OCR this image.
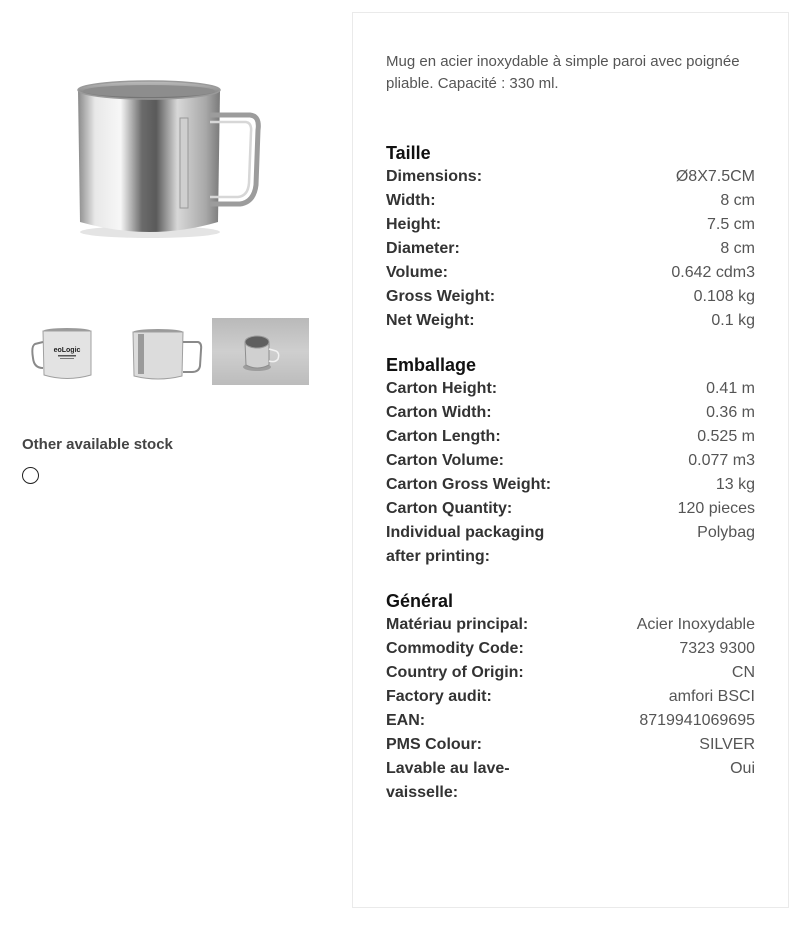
eoLogic
Other available stock

Mug en acier inoxydable à simple paroi avec poignée pliable. Capacité : 330 ml.

Taille
Dimensions:	Ø8X7.5CM
Width:	8 cm
Height:	7.5 cm
Diameter:	8 cm
Volume:	0.642 cdm3
Gross Weight:	0.108 kg
Net Weight:	0.1 kg
Emballage
Carton Height:	0.41 m
Carton Width:	0.36 m
Carton Length:	0.525 m
Carton Volume:	0.077 m3
Carton Gross Weight:	13 kg
Carton Quantity:	120 pieces
Individual packaging after printing:
Polybag
Général
Matériau principal:	Acier Inoxydable
Commodity Code:	7323 9300
Country of Origin:	CN
Factory audit:	amfori BSCI
EAN:	8719941069695
PMS Colour:	SILVER
Lavable au lave-vaisselle:
Oui
